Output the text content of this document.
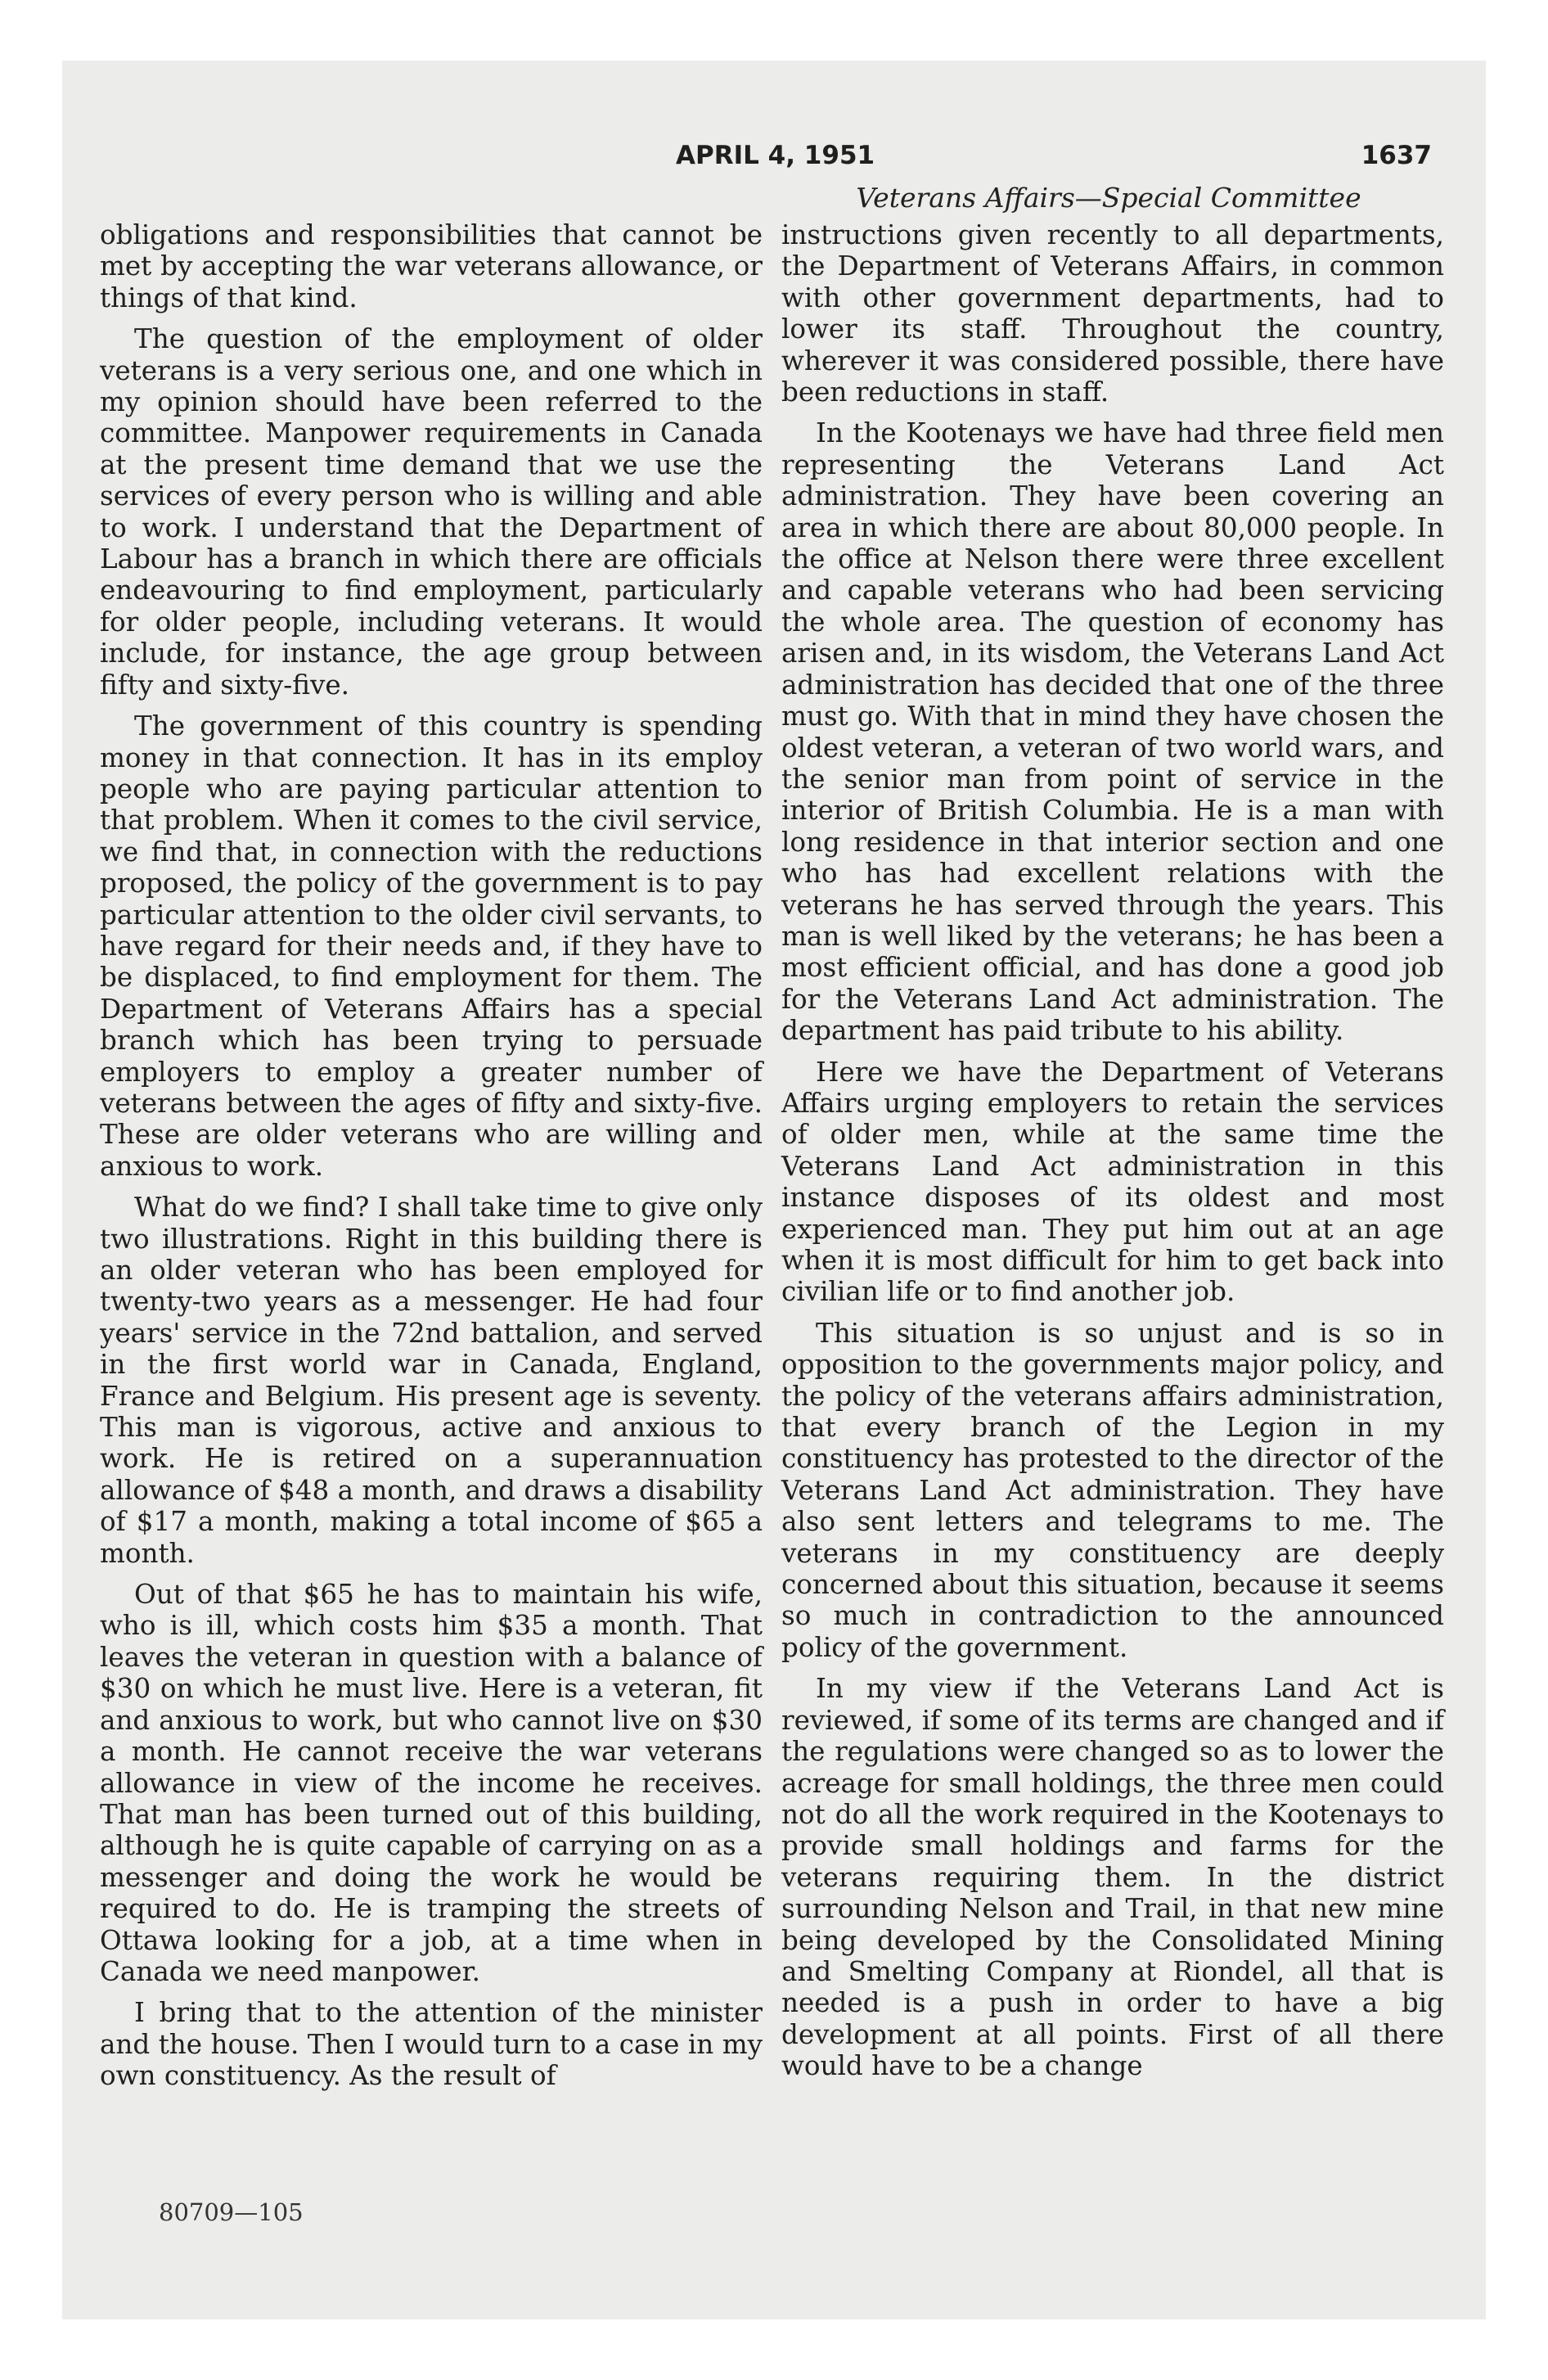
APRIL 4, 1951	1637
Veterans Affairs—Special Committee

obligations and responsibilities that cannot be met by accepting the war veterans allowance, or things of that kind.

The question of the employment of older veterans is a very serious one, and one which in my opinion should have been referred to the committee. Manpower requirements in Canada at the present time demand that we use the services of every person who is willing and able to work. I understand that the Department of Labour has a branch in which there are officials endeavouring to find employment, particularly for older people, including veterans. It would include, for instance, the age group between fifty and sixty-five.

The government of this country is spending money in that connection. It has in its employ people who are paying particular attention to that problem. When it comes to the civil service, we find that, in connection with the reductions proposed, the policy of the government is to pay particular attention to the older civil servants, to have regard for their needs and, if they have to be displaced, to find employment for them. The Department of Veterans Affairs has a special branch which has been trying to persuade employers to employ a greater number of veterans between the ages of fifty and sixty-five. These are older veterans who are willing and anxious to work.

What do we find? I shall take time to give only two illustrations. Right in this building there is an older veteran who has been employed for twenty-two years as a messenger. He had four years' service in the 72nd battalion, and served in the first world war in Canada, England, France and Belgium. His present age is seventy. This man is vigorous, active and anxious to work. He is retired on a superannuation allowance of $48 a month, and draws a disability of $17 a month, making a total income of $65 a month.

Out of that $65 he has to maintain his wife, who is ill, which costs him $35 a month. That leaves the veteran in question with a balance of $30 on which he must live. Here is a veteran, fit and anxious to work, but who cannot live on $30 a month. He cannot receive the war veterans allowance in view of the income he receives. That man has been turned out of this building, although he is quite capable of carrying on as a messenger and doing the work he would be required to do. He is tramping the streets of Ottawa looking for a job, at a time when in Canada we need manpower.

I bring that to the attention of the minister and the house. Then I would turn to a case in my own constituency. As the result of

instructions given recently to all departments, the Department of Veterans Affairs, in common with other government departments, had to lower its staff. Throughout the country, wherever it was considered possible, there have been reductions in staff.

In the Kootenays we have had three field men representing the Veterans Land Act administration. They have been covering an area in which there are about 80,000 people. In the office at Nelson there were three excellent and capable veterans who had been servicing the whole area. The question of economy has arisen and, in its wisdom, the Veterans Land Act administration has decided that one of the three must go. With that in mind they have chosen the oldest veteran, a veteran of two world wars, and the senior man from point of service in the interior of British Columbia. He is a man with long residence in that interior section and one who has had excellent relations with the veterans he has served through the years. This man is well liked by the veterans; he has been a most efficient official, and has done a good job for the Veterans Land Act administration. The department has paid tribute to his ability.

Here we have the Department of Veterans Affairs urging employers to retain the services of older men, while at the same time the Veterans Land Act administration in this instance disposes of its oldest and most experienced man. They put him out at an age when it is most difficult for him to get back into civilian life or to find another job.

This situation is so unjust and is so in opposition to the governments major policy, and the policy of the veterans affairs administration, that every branch of the Legion in my constituency has protested to the director of the Veterans Land Act administration. They have also sent letters and telegrams to me. The veterans in my constituency are deeply concerned about this situation, because it seems so much in contradiction to the announced policy of the government.

In my view if the Veterans Land Act is reviewed, if some of its terms are changed and if the regulations were changed so as to lower the acreage for small holdings, the three men could not do all the work required in the Kootenays to provide small holdings and farms for the veterans requiring them. In the district surrounding Nelson and Trail, in that new mine being developed by the Consolidated Mining and Smelting Company at Riondel, all that is needed is a push in order to have a big development at all points. First of all there would have to be a change

80709—105
